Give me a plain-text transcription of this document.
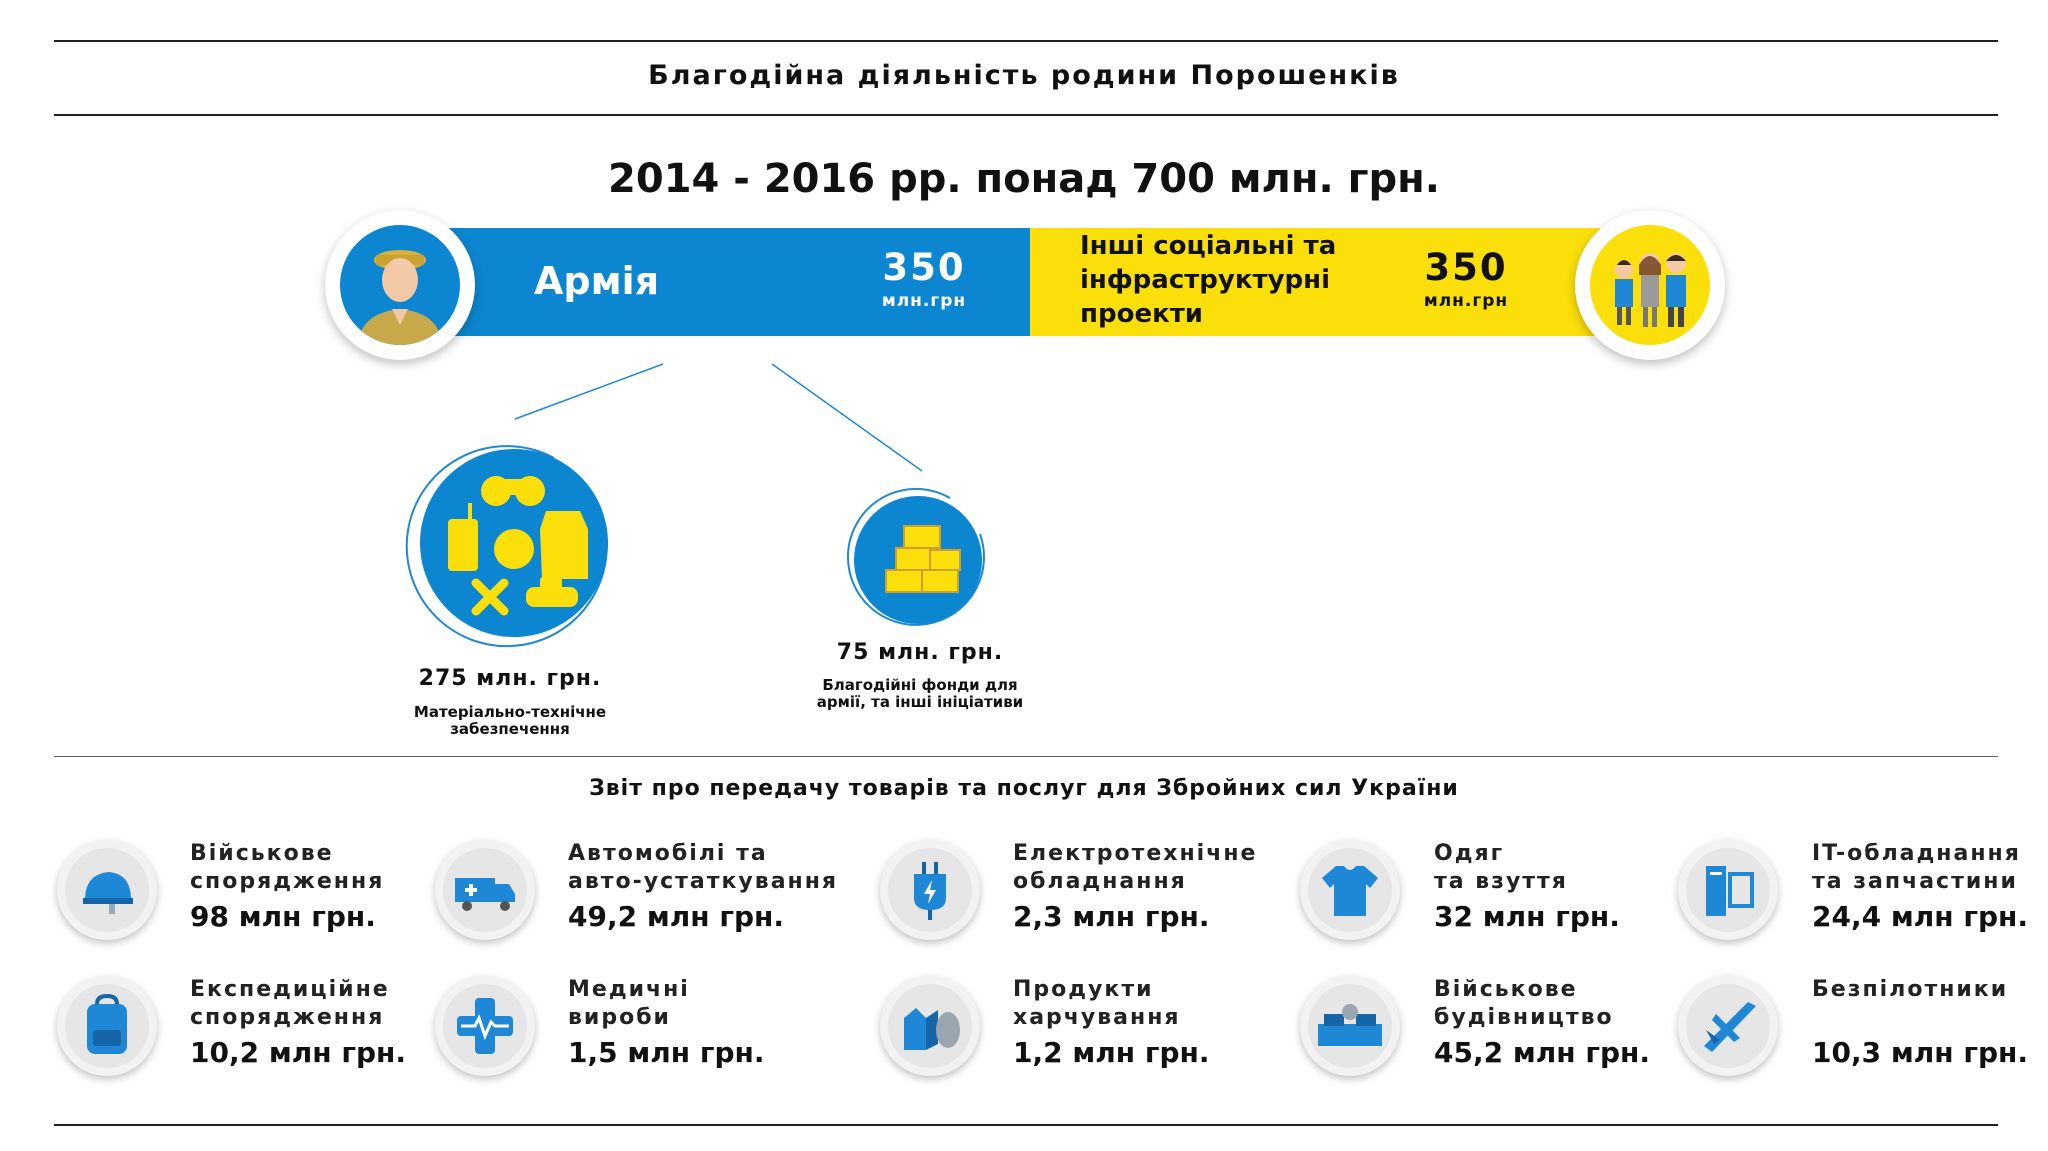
Благодійна діяльність родини Порошенків
2014 - 2016 рр. понад 700 млн. грн.
Армія	350
млн.грн
Інші соціальні та
інфраструктурні
проекти
350
млн.грн
275 млн. грн.
Матеріально-технічне
забезпечення
75 млн. грн.
Благодійні фонди для
армії, та інші ініціативи
Звіт про передачу товарів та послуг для Збройних сил України
Військове
спорядження
98 млн грн.
Автомобілі та
авто-устаткування
49,2 млн грн.
Електротехнічне
обладнання
2,3 млн грн.
Одяг
та взуття
32 млн грн.
IT-обладнання
та запчастини
24,4 млн грн.
Експедиційне
спорядження
10,2 млн грн.
Медичні
вироби
1,5 млн грн.
Продукти
харчування
1,2 млн грн.
Військове
будівництво
45,2 млн грн.
Безпілотники
10,3 млн грн.
